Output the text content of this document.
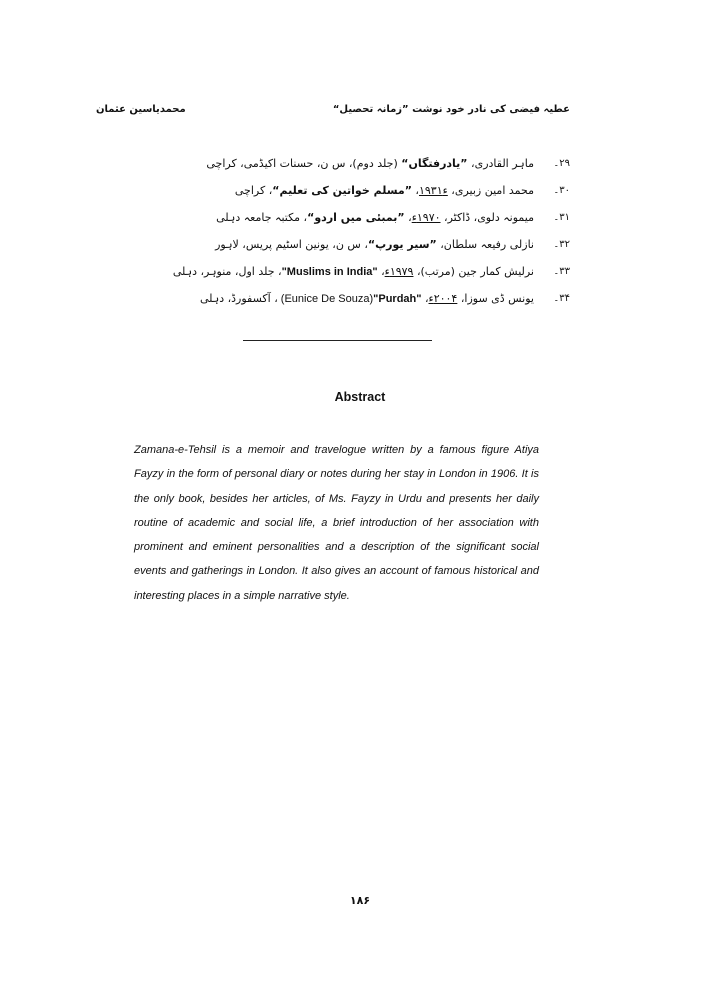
محمدیاسین عثمان	عطیہ فیضی کی نادر خود نوشت ”زمانہ تحصیل“
۲۹۔
ماہر القادری، ”یادرفتگاں“ (جلد دوم)، س ن، حسنات اکیڈمی، کراچی
۳۰۔
محمد امین زبیری، ء۱۹۳۱، ”مسلم خواتین کی تعلیم“، کراچی
۳۱۔
میمونہ دلوی، ڈاکٹر، ۱۹۷۰ء، ”بمبئی میں اردو“، مکتبہ جامعہ دہلی
۳۲۔
نازلی رفیعہ سلطان، ”سیر یورپ“، س ن، یونین اسٹیم پریس، لاہور
۳۳۔
نرلیش کمار جین (مرتب)، ۱۹۷۹ء، "Muslims in India"، جلد اول، منوہر، دہلی
۳۴۔
یونس ڈی سوزا، ۲۰۰۴ء، "Purdah" (Eunice De Souza)، آکسفورڈ، دہلی
Abstract
Zamana-e-Tehsil is a memoir and travelogue written by a famous figure Atiya Fayzy in the form of personal diary or notes during her stay in London in 1906. It is the only book, besides her articles, of Ms. Fayzy in Urdu and presents her daily routine of academic and social life, a brief introduction of her association with prominent and eminent personalities and a description of the significant social events and gatherings in London. It also gives an account of famous historical and interesting places in a simple narrative style.
۱۸۶
